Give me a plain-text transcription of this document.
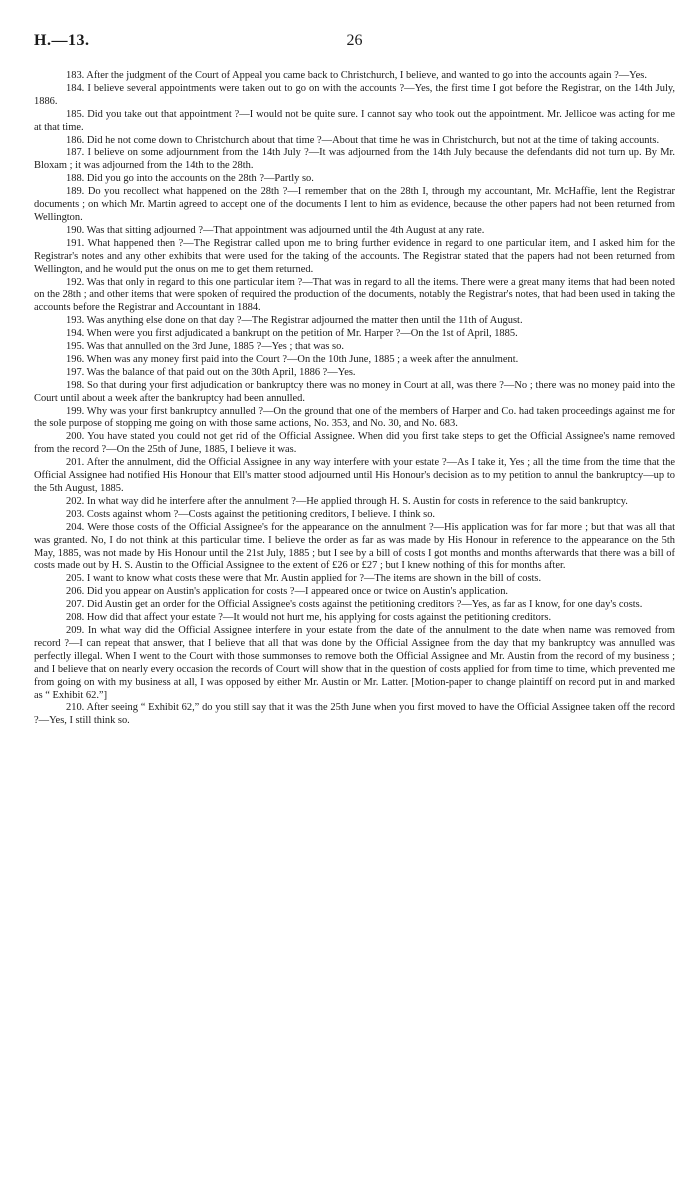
H.—13.	26

183. After the judgment of the Court of Appeal you came back to Christchurch, I believe, and wanted to go into the accounts again ?—Yes.

184. I believe several appointments were taken out to go on with the accounts ?—Yes, the first time I got before the Registrar, on the 14th July, 1886.

185. Did you take out that appointment ?—I would not be quite sure. I cannot say who took out the appointment. Mr. Jellicoe was acting for me at that time.

186. Did he not come down to Christchurch about that time ?—About that time he was in Christchurch, but not at the time of taking accounts.

187. I believe on some adjournment from the 14th July ?—It was adjourned from the 14th July because the defendants did not turn up. By Mr. Bloxam ; it was adjourned from the 14th to the 28th.

188. Did you go into the accounts on the 28th ?—Partly so.

189. Do you recollect what happened on the 28th ?—I remember that on the 28th I, through my accountant, Mr. McHaffie, lent the Registrar documents ; on which Mr. Martin agreed to accept one of the documents I lent to him as evidence, because the other papers had not been returned from Wellington.

190. Was that sitting adjourned ?—That appointment was adjourned until the 4th August at any rate.

191. What happened then ?—The Registrar called upon me to bring further evidence in regard to one particular item, and I asked him for the Registrar's notes and any other exhibits that were used for the taking of the accounts. The Registrar stated that the papers had not been returned from Wellington, and he would put the onus on me to get them returned.

192. Was that only in regard to this one particular item ?—That was in regard to all the items. There were a great many items that had been noted on the 28th ; and other items that were spoken of required the production of the documents, notably the Registrar's notes, that had been used in taking the accounts before the Registrar and Accountant in 1884.

193. Was anything else done on that day ?—The Registrar adjourned the matter then until the 11th of August.

194. When were you first adjudicated a bankrupt on the petition of Mr. Harper ?—On the 1st of April, 1885.

195. Was that annulled on the 3rd June, 1885 ?—Yes ; that was so.

196. When was any money first paid into the Court ?—On the 10th June, 1885 ; a week after the annulment.

197. Was the balance of that paid out on the 30th April, 1886 ?—Yes.

198. So that during your first adjudication or bankruptcy there was no money in Court at all, was there ?—No ; there was no money paid into the Court until about a week after the bankruptcy had been annulled.

199. Why was your first bankruptcy annulled ?—On the ground that one of the members of Harper and Co. had taken proceedings against me for the sole purpose of stopping me going on with those same actions, No. 353, and No. 30, and No. 683.

200. You have stated you could not get rid of the Official Assignee. When did you first take steps to get the Official Assignee's name removed from the record ?—On the 25th of June, 1885, I believe it was.

201. After the annulment, did the Official Assignee in any way interfere with your estate ?—As I take it, Yes ; all the time from the time that the Official Assignee had notified His Honour that Ell's matter stood adjourned until His Honour's decision as to my petition to annul the bankruptcy—up to the 5th August, 1885.

202. In what way did he interfere after the annulment ?—He applied through H. S. Austin for costs in reference to the said bankruptcy.

203. Costs against whom ?—Costs against the petitioning creditors, I believe. I think so.

204. Were those costs of the Official Assignee's for the appearance on the annulment ?—His application was for far more ; but that was all that was granted. No, I do not think at this particular time. I believe the order as far as was made by His Honour in reference to the appearance on the 5th May, 1885, was not made by His Honour until the 21st July, 1885 ; but I see by a bill of costs I got months and months afterwards that there was a bill of costs made out by H. S. Austin to the Official Assignee to the extent of £26 or £27 ; but I knew nothing of this for months after.

205. I want to know what costs these were that Mr. Austin applied for ?—The items are shown in the bill of costs.

206. Did you appear on Austin's application for costs ?—I appeared once or twice on Austin's application.

207. Did Austin get an order for the Official Assignee's costs against the petitioning creditors ?—Yes, as far as I know, for one day's costs.

208. How did that affect your estate ?—It would not hurt me, his applying for costs against the petitioning creditors.

209. In what way did the Official Assignee interfere in your estate from the date of the annulment to the date when name was removed from record ?—I can repeat that answer, that I believe that all that was done by the Official Assignee from the day that my bankruptcy was annulled was perfectly illegal. When I went to the Court with those summonses to remove both the Official Assignee and Mr. Austin from the record of my business ; and I believe that on nearly every occasion the records of Court will show that in the question of costs applied for from time to time, which prevented me from going on with my business at all, I was opposed by either Mr. Austin or Mr. Latter. [Motion-paper to change plaintiff on record put in and marked as “ Exhibit 62.”]

210. After seeing “ Exhibit 62,” do you still say that it was the 25th June when you first moved to have the Official Assignee taken off the record ?—Yes, I still think so.
